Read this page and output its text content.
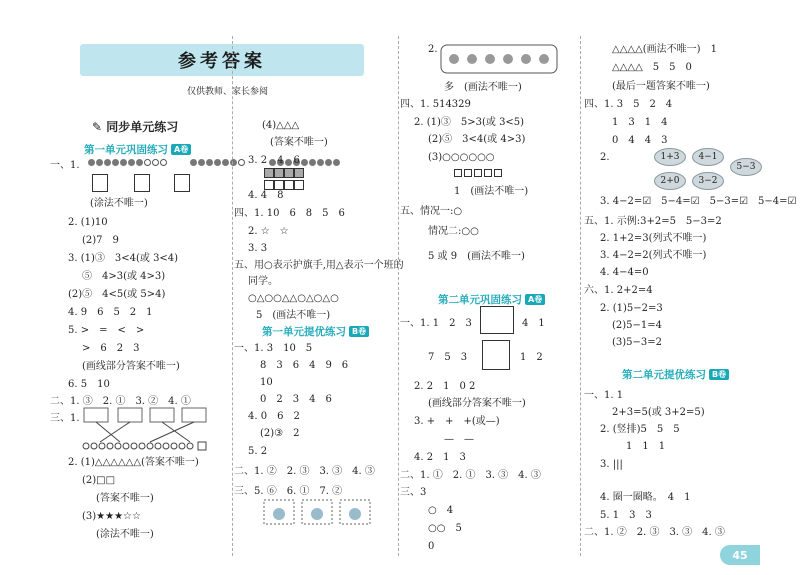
参考答案
仅供教师、家长参阅
✎ 同步单元练习
第一单元巩固练习 A卷
一、1.

(涂法不唯一)
2. (1)10
(2)7　9
3. (1)③　3<4(或 3<4)
⑤　4>3(或 4>3)
(2)⑤　4<5(或 5>4)
4. 9　6　5　2　1
5. >　=　<　>
>　6　2　3
(画线部分答案不唯一)
6. 5　10
二、1. ③　2. ①　3. ②　4. ①
三、1.
2. (1)△△△△△△(答案不唯一)
(2)□□
(答案不唯一)
(3)★★★☆☆
(涂法不唯一)
(4)△△△
(答案不唯一)
3. 2　4　6

4. 4　8
四、1. 10　6　8　5　6
2. ☆　☆
3. 3
五、用○表示护旗手,用△表示一个班的
同学。
○△○○△△○△○△○
5　(画法不唯一)
第一单元提优练习 B卷
一、1. 3　10　5
8　3　6　4　9　6
10
0　2　3　4　6
4. 0　6　2
(2)③　2
5. 2
二、1. ②　2. ③　3. ③　4. ③
三、5. ⑥　6. ①　7. ②
2.
多　(画法不唯一)
四、1. 514329
2. (1)③　5>3(或 3<5)
(2)⑤　3<4(或 4>3)
(3)○○○○○○
1　(画法不唯一)
五、情况一:○
情况二:○○
5 或 9　(画法不唯一)
第二单元巩固练习 A卷
一、1. 1　2　3	4　1
7　5　3	1　2
2. 2　1　0 2
(画线部分答案不唯一)
3. +　+　+(或—)
—　—
4. 2　1　3
二、1. ①　2. ①　3. ③　4. ③
三、3
○　4
○○　5
0
△△△△(画法不唯一)　1
△△△△　5　5　0
(最后一题答案不唯一)
四、1. 3　5　2　4
1　3　1　4
0　4　4　3
2.	1+3	4−1
2+0	3−2
5−3
3. 4−2=☑　5−4=☑　5−3=☑　5−4=☑
五、1. 示例:3+2=5　5−3=2
2. 1+2=3(列式不唯一)
3. 4−2=2(列式不唯一)
4. 4−4=0
六、1. 2+2=4
2. (1)5−2=3
(2)5−1=4
(3)5−3=2
第二单元提优练习 B卷
一、1. 1
2+3=5(或 3+2=5)
2. (竖排)5　5　5
1　1　1
3. |||
4. 圈一圈略。　4　1
5. 1　3　3
二、1. ②　2. ③　3. ③　4. ③
45
